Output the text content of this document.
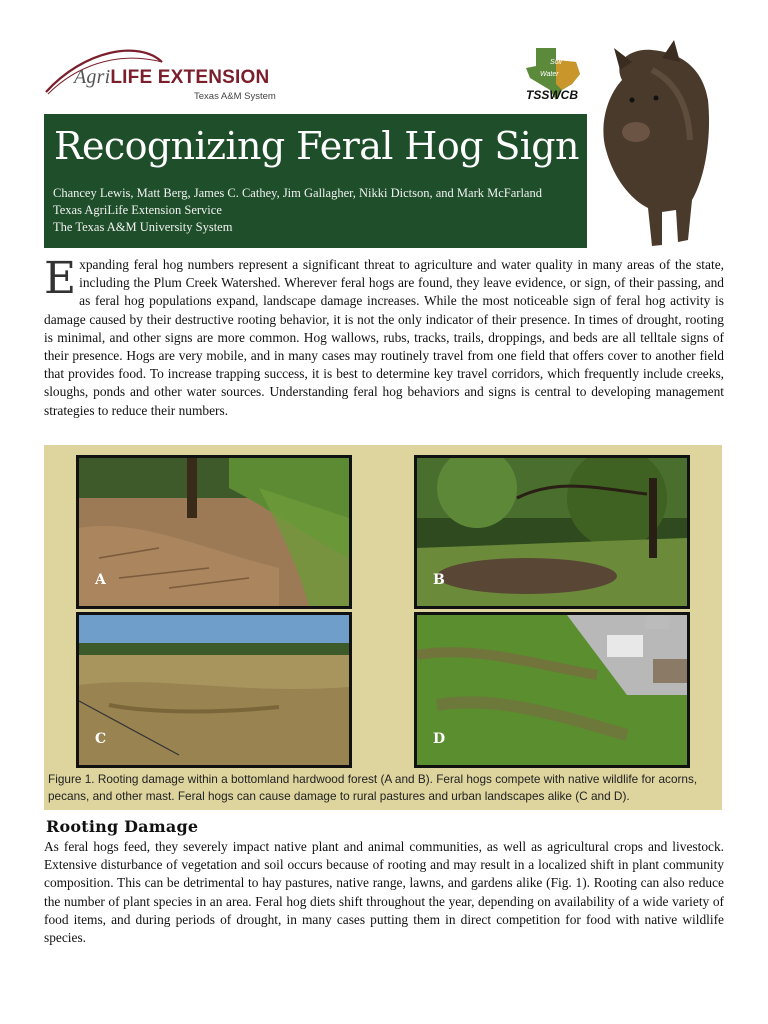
AgriLIFE EXTENSION
Texas A&M System
Soil
Water
TSSWCB
Recognizing Feral Hog Sign
Chancey Lewis, Matt Berg, James C. Cathey, Jim Gallagher, Nikki Dictson, and Mark McFarland
Texas AgriLife Extension Service
The Texas A&M University System
Expanding feral hog numbers represent a significant threat to agriculture and water quality in many areas of the state, including the Plum Creek Watershed. Wherever feral hogs are found, they leave evidence, or sign, of their passing, and as feral hog populations expand, landscape damage increases. While the most noticeable sign of feral hog activity is damage caused by their destructive rooting behavior, it is not the only indicator of their presence. In times of drought, rooting is minimal, and other signs are more common. Hog wallows, rubs, tracks, trails, droppings, and beds are all telltale signs of their presence. Hogs are very mobile, and in many cases may routinely travel from one field that offers cover to another field that provides food. To increase trapping success, it is best to determine key travel corridors, which frequently include creeks, sloughs, ponds and other water sources. Understanding feral hog behaviors and signs is central to developing management strategies to reduce their numbers.
A	B
C	D
Figure 1. Rooting damage within a bottomland hardwood forest (A and B). Feral hogs compete with native wildlife for acorns, pecans, and other mast. Feral hogs can cause damage to rural pastures and urban landscapes alike (C and D).
Rooting Damage
As feral hogs feed, they severely impact native plant and animal communities, as well as agricultural crops and livestock. Extensive disturbance of vegetation and soil occurs because of rooting and may result in a localized shift in plant community composition. This can be detrimental to hay pastures, native range, lawns, and gardens alike (Fig. 1). Rooting can also reduce the number of plant species in an area. Feral hog diets shift throughout the year, depending on availability of a wide variety of food items, and during periods of drought, in many cases putting them in direct competition for food with native wildlife species.
